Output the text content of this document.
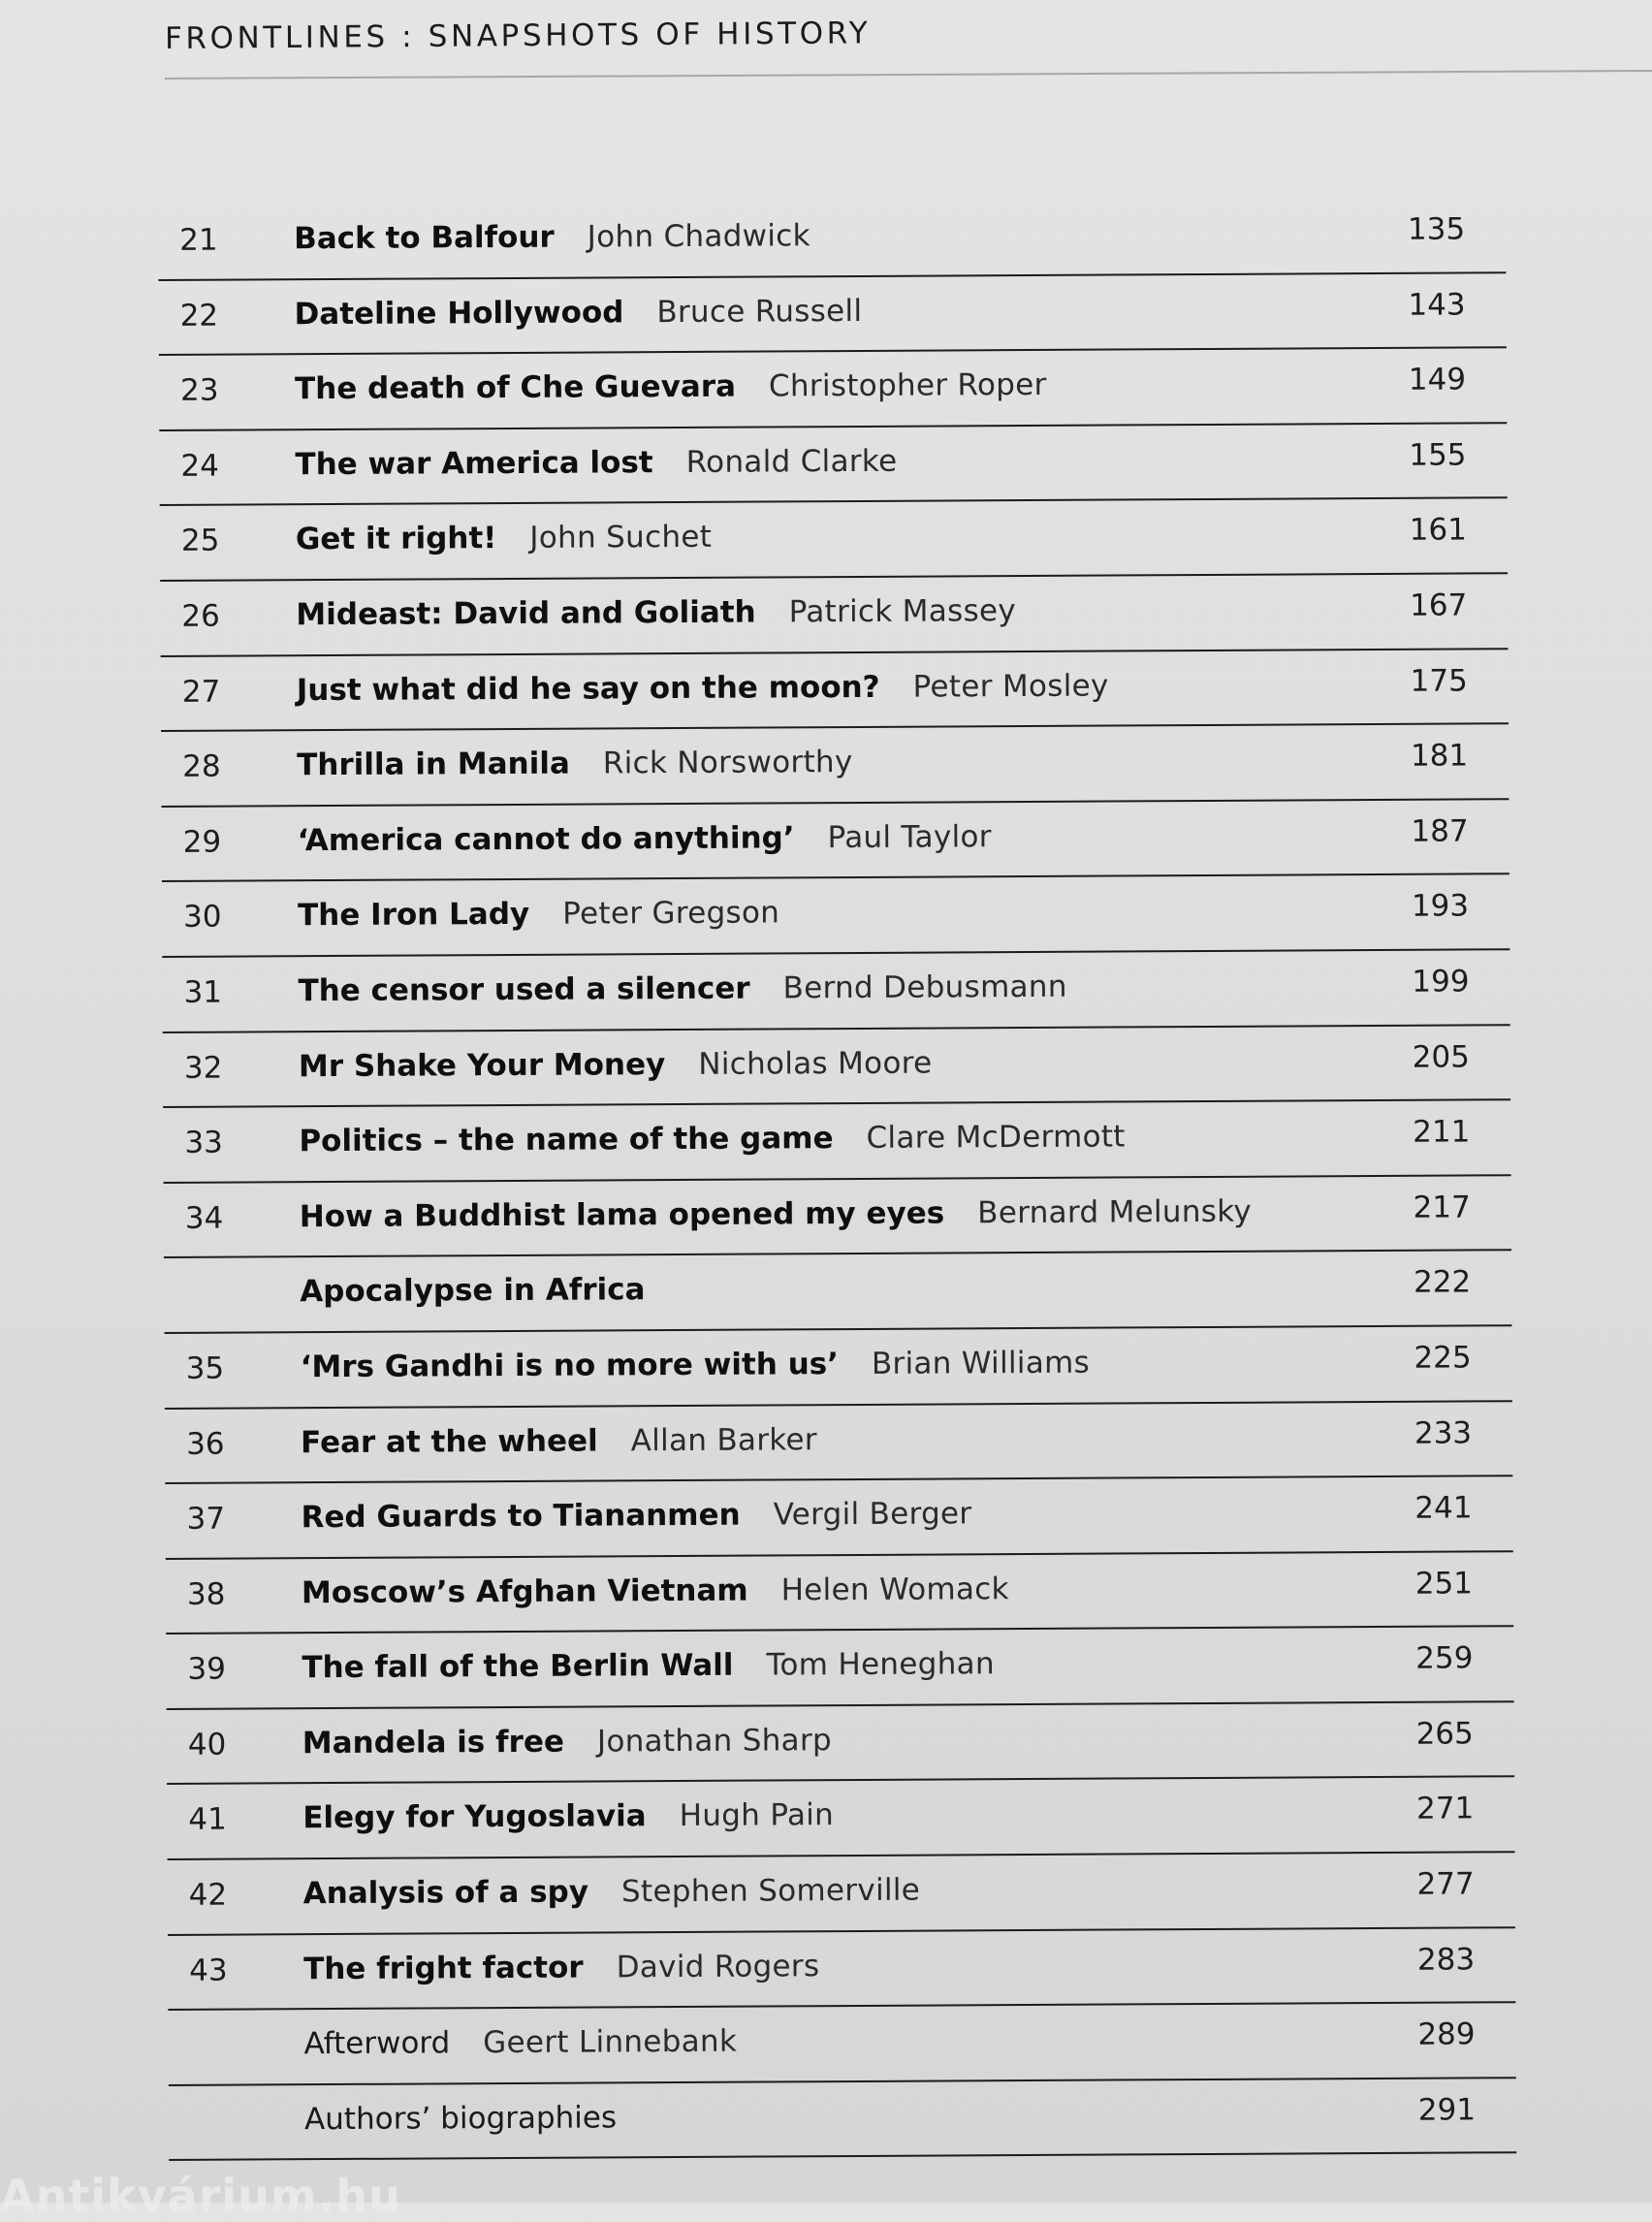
FRONTLINES : SNAPSHOTS OF HISTORY
21	Back to Balfour John Chadwick	135
22	Dateline Hollywood Bruce Russell	143
23	The death of Che Guevara Christopher Roper	149
24	The war America lost Ronald Clarke	155
25	Get it right! John Suchet	161
26	Mideast: David and Goliath Patrick Massey	167
27	Just what did he say on the moon? Peter Mosley	175
28	Thrilla in Manila Rick Norsworthy	181
29	‘America cannot do anything’ Paul Taylor	187
30	The Iron Lady Peter Gregson	193
31	The censor used a silencer Bernd Debusmann	199
32	Mr Shake Your Money Nicholas Moore	205
33	Politics – the name of the game Clare McDermott	211
34	How a Buddhist lama opened my eyes Bernard Melunsky	217
Apocalypse in Africa	222
35	‘Mrs Gandhi is no more with us’ Brian Williams	225
36	Fear at the wheel Allan Barker	233
37	Red Guards to Tiananmen Vergil Berger	241
38	Moscow’s Afghan Vietnam Helen Womack	251
39	The fall of the Berlin Wall Tom Heneghan	259
40	Mandela is free Jonathan Sharp	265
41	Elegy for Yugoslavia Hugh Pain	271
42	Analysis of a spy Stephen Somerville	277
43	The fright factor David Rogers	283
Afterword Geert Linnebank	289
Authors’ biographies	291
Antikvárium.hu
